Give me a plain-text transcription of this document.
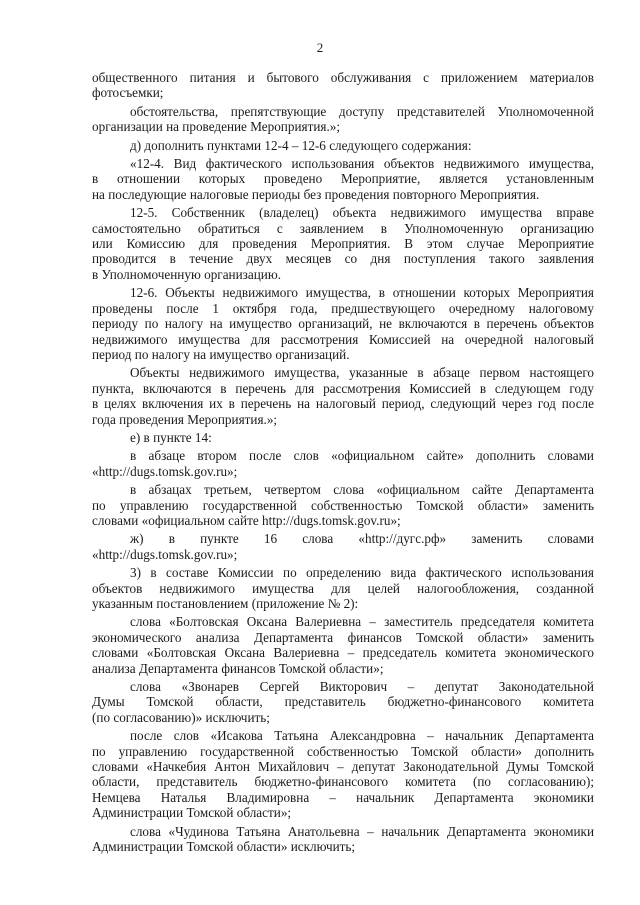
2
общественного питания и бытового обслуживания с приложением материалов
фотосъемки;
обстоятельства, препятствующие доступу представителей Уполномоченной
организации на проведение Мероприятия.»;
д) дополнить пунктами 12-4 – 12-6 следующего содержания:
«12-4. Вид фактического использования объектов недвижимого имущества,
в отношении которых проведено Мероприятие, является установленным
на последующие налоговые периоды без проведения повторного Мероприятия.
12-5. Собственник (владелец) объекта недвижимого имущества вправе
самостоятельно обратиться с заявлением в Уполномоченную организацию
или Комиссию для проведения Мероприятия. В этом случае Мероприятие
проводится в течение двух месяцев со дня поступления такого заявления
в Уполномоченную организацию.
12-6. Объекты недвижимого имущества, в отношении которых Мероприятия
проведены после 1 октября года, предшествующего очередному налоговому
периоду по налогу на имущество организаций, не включаются в перечень объектов
недвижимого имущества для рассмотрения Комиссией на очередной налоговый
период по налогу на имущество организаций.
Объекты недвижимого имущества, указанные в абзаце первом настоящего
пункта, включаются в перечень для рассмотрения Комиссией в следующем году
в целях включения их в перечень на налоговый период, следующий через год после
года проведения Мероприятия.»;
е) в пункте 14:
в абзаце втором после слов «официальном сайте» дополнить словами
«http://dugs.tomsk.gov.ru»;
в абзацах третьем, четвертом слова «официальном сайте Департамента
по управлению государственной собственностью Томской области» заменить
словами «официальном сайте http://dugs.tomsk.gov.ru»;
ж) в пункте 16 слова «http://дугс.рф» заменить словами
«http://dugs.tomsk.gov.ru»;
3) в составе Комиссии по определению вида фактического использования
объектов недвижимого имущества для целей налогообложения, созданной
указанным постановлением (приложение № 2):
слова «Болтовская Оксана Валериевна – заместитель председателя комитета
экономического анализа Департамента финансов Томской области» заменить
словами «Болтовская Оксана Валериевна – председатель комитета экономического
анализа Департамента финансов Томской области»;
слова «Звонарев Сергей Викторович – депутат Законодательной
Думы Томской области, представитель бюджетно-финансового комитета
(по согласованию)» исключить;
после слов «Исакова Татьяна Александровна – начальник Департамента
по управлению государственной собственностью Томской области» дополнить
словами «Начкебия Антон Михайлович – депутат Законодательной Думы Томской
области, представитель бюджетно-финансового комитета (по согласованию);
Немцева Наталья Владимировна – начальник Департамента экономики
Администрации Томской области»;
слова «Чудинова Татьяна Анатольевна – начальник Департамента экономики
Администрации Томской области» исключить;
